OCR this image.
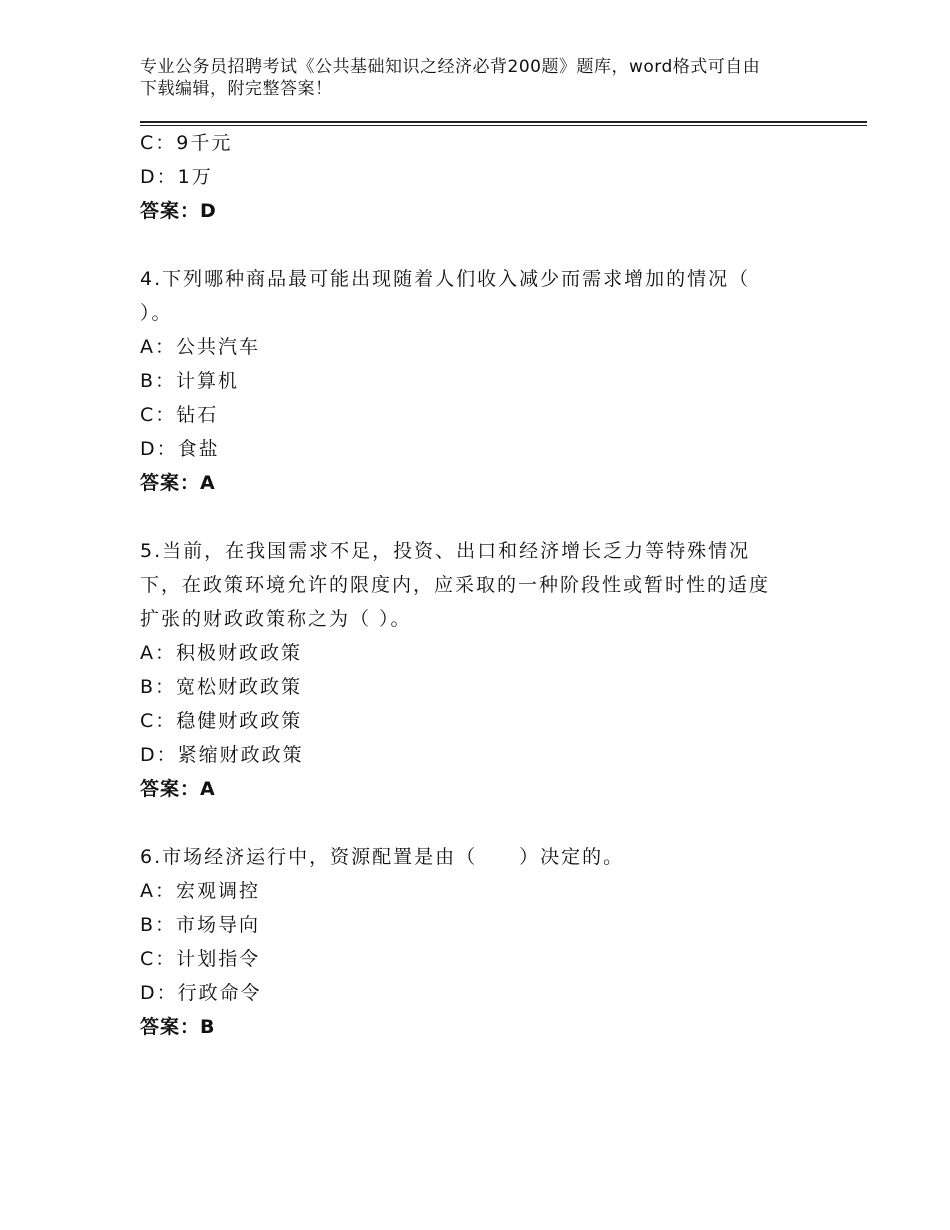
专业公务员招聘考试《公共基础知识之经济必背200题》题库，word格式可自由
下载编辑，附完整答案！
C：9千元
D：1万
答案：D
4.下列哪种商品最可能出现随着人们收入减少而需求增加的情况（
）。
A：公共汽车
B：计算机
C：钻石
D：食盐
答案：A
5.当前，在我国需求不足，投资、出口和经济增长乏力等特殊情况
下，在政策环境允许的限度内，应采取的一种阶段性或暂时性的适度
扩张的财政政策称之为（ ）。
A：积极财政政策
B：宽松财政政策
C：稳健财政政策
D：紧缩财政政策
答案：A
6.市场经济运行中，资源配置是由（　　）决定的。
A：宏观调控
B：市场导向
C：计划指令
D：行政命令
答案：B
